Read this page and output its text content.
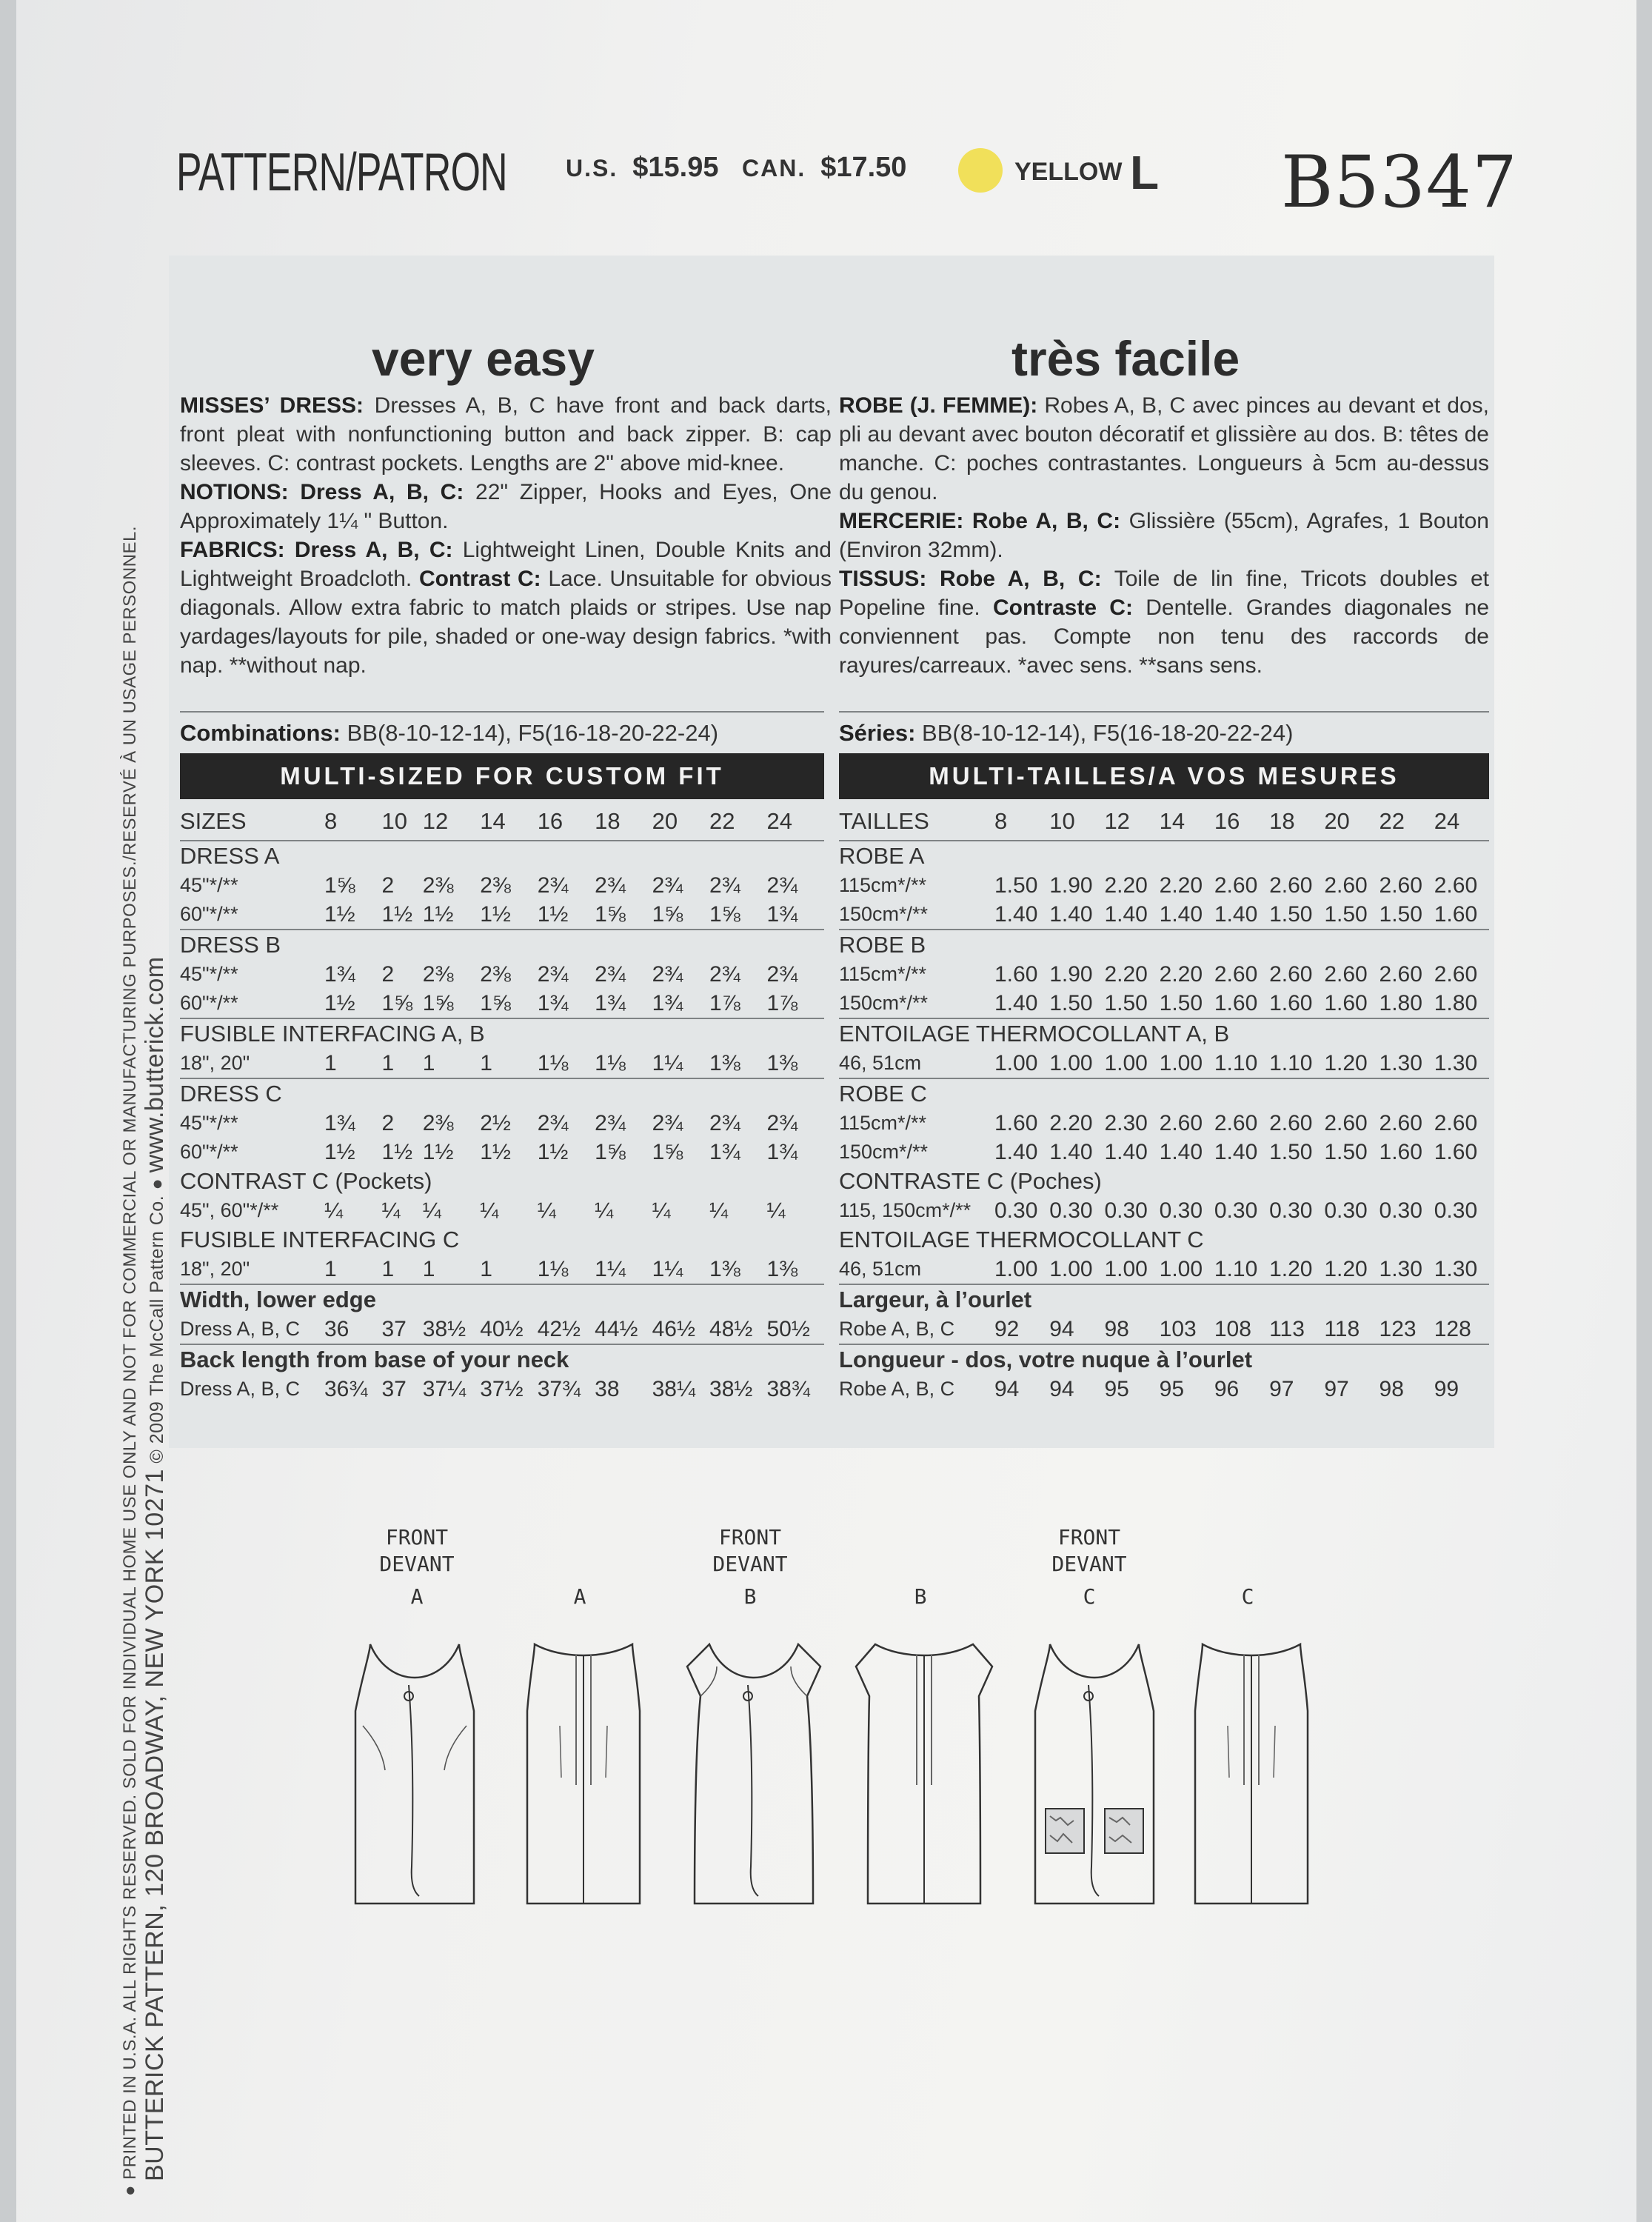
PATTERN/PATRON U.S. $15.95 CAN. $17.50	YELLOW L B5347
BUTTERICK PATTERN, 120 BROADWAY, NEW YORK 10271 © 2009 The McCall Pattern Co. ● www.butterick.com
● PRINTED IN U.S.A. ALL RIGHTS RESERVED. SOLD FOR INDIVIDUAL HOME USE ONLY AND NOT FOR COMMERCIAL OR MANUFACTURING PURPOSES./RESERVÉ À UN USAGE PERSONNEL.
very easy	très facile

MISSES’ DRESS: Dresses A, B, C have front and back darts, front pleat with nonfunctioning button and back zipper. B: cap sleeves. C: contrast pockets. Lengths are 2" above mid-knee.

NOTIONS: Dress A, B, C: 22" Zipper, Hooks and Eyes, One Approximately 1¼ " Button.

FABRICS: Dress A, B, C: Lightweight Linen, Double Knits and Lightweight Broadcloth. Contrast C: Lace. Unsuitable for obvious diagonals. Allow extra fabric to match plaids or stripes. Use nap yardages/layouts for pile, shaded or one-way design fabrics. *with nap. **without nap.

Combinations: BB(8-10-12-14), F5(16-18-20-22-24)
MULTI-SIZED FOR CUSTOM FIT

ROBE (J. FEMME): Robes A, B, C avec pinces au devant et dos, pli au devant avec bouton décoratif et glissière au dos. B: têtes de manche. C: poches contrastantes. Longueurs à 5cm au-dessus du genou.

MERCERIE: Robe A, B, C: Glissière (55cm), Agrafes, 1 Bouton (Environ 32mm).

TISSUS: Robe A, B, C: Toile de lin fine, Tricots doubles et Popeline fine. Contraste C: Dentelle. Grandes diagonales ne conviennent pas. Compte non tenu des raccords de rayures/carreaux. *avec sens. **sans sens.

Séries: BB(8-10-12-14), F5(16-18-20-22-24)
MULTI-TAILLES/A VOS MESURES
SIZES	8	10	12	14	16	18	20	22	24
DRESS A									
45"*/**	1⅝	2	2⅜	2⅜	2¾	2¾	2¾	2¾	2¾
60"*/**	1½	1½	1½	1½	1½	1⅝	1⅝	1⅝	1¾
DRESS B									
45"*/**	1¾	2	2⅜	2⅜	2¾	2¾	2¾	2¾	2¾
60"*/**	1½	1⅝	1⅝	1⅝	1¾	1¾	1¾	1⅞	1⅞
FUSIBLE INTERFACING A, B									
18", 20"	1	1	1	1	1⅛	1⅛	1¼	1⅜	1⅜
DRESS C									
45"*/**	1¾	2	2⅜	2½	2¾	2¾	2¾	2¾	2¾
60"*/**	1½	1½	1½	1½	1½	1⅝	1⅝	1¾	1¾
CONTRAST C (Pockets)									
45", 60"*/**	¼	¼	¼	¼	¼	¼	¼	¼	¼
FUSIBLE INTERFACING C									
18", 20"	1	1	1	1	1⅛	1¼	1¼	1⅜	1⅜
Width, lower edge									
Dress A, B, C	36	37	38½	40½	42½	44½	46½	48½	50½
Back length from base of your neck									
Dress A, B, C	36¾	37	37¼	37½	37¾	38	38¼	38½	38¾
TAILLES	8	10	12	14	16	18	20	22	24
ROBE A									
115cm*/**	1.50	1.90	2.20	2.20	2.60	2.60	2.60	2.60	2.60
150cm*/**	1.40	1.40	1.40	1.40	1.40	1.50	1.50	1.50	1.60
ROBE B									
115cm*/**	1.60	1.90	2.20	2.20	2.60	2.60	2.60	2.60	2.60
150cm*/**	1.40	1.50	1.50	1.50	1.60	1.60	1.60	1.80	1.80
ENTOILAGE THERMOCOLLANT A, B									
46, 51cm	1.00	1.00	1.00	1.00	1.10	1.10	1.20	1.30	1.30
ROBE C									
115cm*/**	1.60	2.20	2.30	2.60	2.60	2.60	2.60	2.60	2.60
150cm*/**	1.40	1.40	1.40	1.40	1.40	1.50	1.50	1.60	1.60
CONTRASTE C (Poches)									
115, 150cm*/**	0.30	0.30	0.30	0.30	0.30	0.30	0.30	0.30	0.30
ENTOILAGE THERMOCOLLANT C									
46, 51cm	1.00	1.00	1.00	1.00	1.10	1.20	1.20	1.30	1.30
Largeur, à l’ourlet									
Robe A, B, C	92	94	98	103	108	113	118	123	128
Longueur - dos, votre nuque à l’ourlet									
Robe A, B, C	94	94	95	95	96	97	97	98	99
FRONT
DEVANT
A	A
FRONT
DEVANT
B	B
FRONT
DEVANT
C	C
